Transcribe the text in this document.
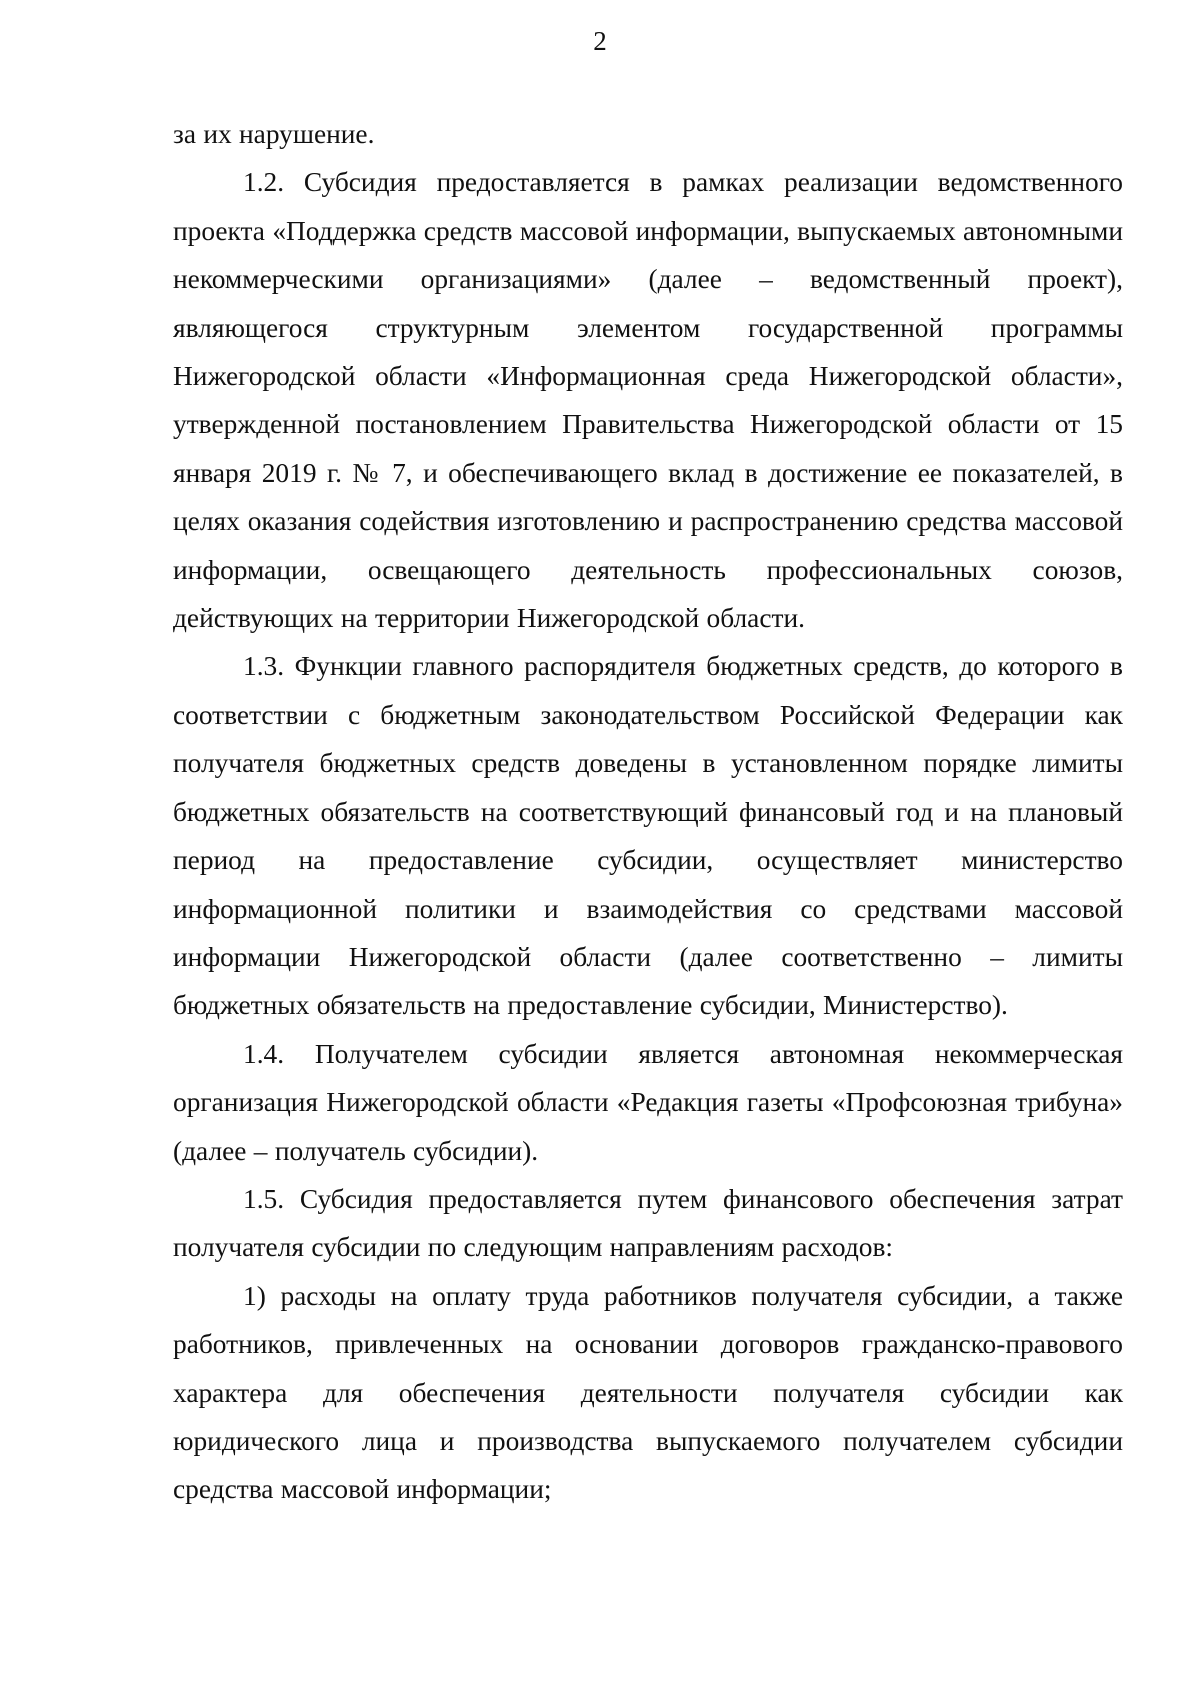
2

за их нарушение.

1.2. Субсидия предоставляется в рамках реализации ведомственного проекта «Поддержка средств массовой информации, выпускаемых автономными некоммерческими организациями» (далее – ведомственный проект), являющегося структурным элементом государственной программы Нижегородской области «Информационная среда Нижегородской области», утвержденной постановлением Правительства Нижегородской области от 15 января 2019 г. № 7, и обеспечивающего вклад в достижение ее показателей, в целях оказания содействия изготовлению и распространению средства массовой информации, освещающего деятельность профессиональных союзов, действующих на территории Нижегородской области.

1.3. Функции главного распорядителя бюджетных средств, до которого в соответствии с бюджетным законодательством Российской Федерации как получателя бюджетных средств доведены в установленном порядке лимиты бюджетных обязательств на соответствующий финансовый год и на плановый период на предоставление субсидии, осуществляет министерство информационной политики и взаимодействия со средствами массовой информации Нижегородской области (далее соответственно – лимиты бюджетных обязательств на предоставление субсидии, Министерство).

1.4. Получателем субсидии является автономная некоммерческая организация Нижегородской области «Редакция газеты «Профсоюзная трибуна» (далее – получатель субсидии).

1.5. Субсидия предоставляется путем финансового обеспечения затрат получателя субсидии по следующим направлениям расходов:

1) расходы на оплату труда работников получателя субсидии, а также работников, привлеченных на основании договоров гражданско-правового характера для обеспечения деятельности получателя субсидии как юридического лица и производства выпускаемого получателем субсидии средства массовой информации;
